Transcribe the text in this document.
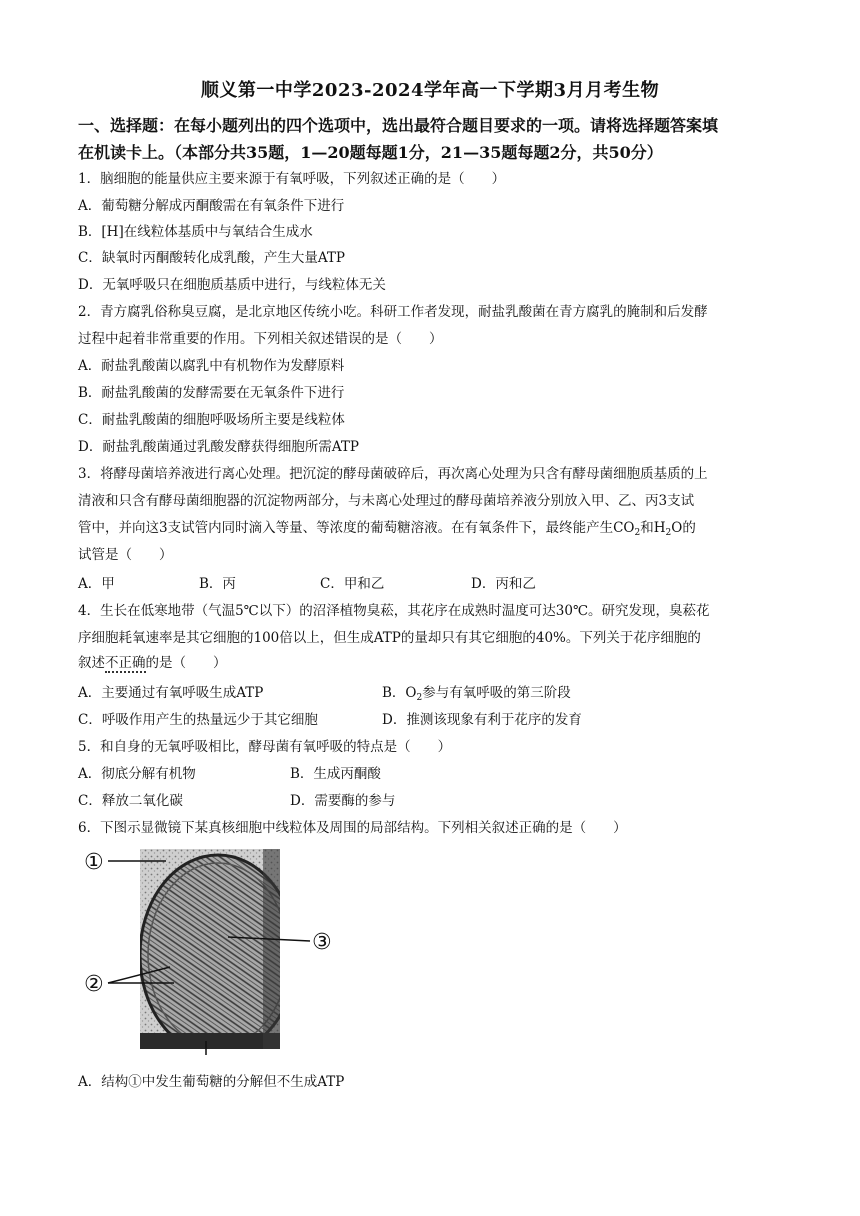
顺义第一中学2023-2024学年高一下学期3月月考生物
一、选择题：在每小题列出的四个选项中，选出最符合题目要求的一项。请将选择题答案填
在机读卡上。（本部分共35题，1—20题每题1分，21—35题每题2分，共50分）
1．脑细胞的能量供应主要来源于有氧呼吸，下列叙述正确的是（　　）
A．葡萄糖分解成丙酮酸需在有氧条件下进行
B．[H]在线粒体基质中与氧结合生成水
C．缺氧时丙酮酸转化成乳酸，产生大量ATP
D．无氧呼吸只在细胞质基质中进行，与线粒体无关
2．青方腐乳俗称臭豆腐，是北京地区传统小吃。科研工作者发现，耐盐乳酸菌在青方腐乳的腌制和后发酵
过程中起着非常重要的作用。下列相关叙述错误的是（　　）
A．耐盐乳酸菌以腐乳中有机物作为发酵原料
B．耐盐乳酸菌的发酵需要在无氧条件下进行
C．耐盐乳酸菌的细胞呼吸场所主要是线粒体
D．耐盐乳酸菌通过乳酸发酵获得细胞所需ATP
3．将酵母菌培养液进行离心处理。把沉淀的酵母菌破碎后，再次离心处理为只含有酵母菌细胞质基质的上
清液和只含有酵母菌细胞器的沉淀物两部分，与未离心处理过的酵母菌培养液分别放入甲、乙、丙3支试
管中，并向这3支试管内同时滴入等量、等浓度的葡萄糖溶液。在有氧条件下，最终能产生$CO_2$和$H_2O$的
试管是（　　）
A．甲	B．丙	C．甲和乙	D．丙和乙
4．生长在低寒地带（气温5℃以下）的沼泽植物臭菘，其花序在成熟时温度可达30℃。研究发现，臭菘花
序细胞耗氧速率是其它细胞的100倍以上，但生成ATP的量却只有其它细胞的40%。下列关于花序细胞的
叙述不正确的是（　　）
A．主要通过有氧呼吸生成ATP	B．$O_2$参与有氧呼吸的第三阶段
C．呼吸作用产生的热量远少于其它细胞	D．推测该现象有利于花序的发育
5．和自身的无氧呼吸相比，酵母菌有氧呼吸的特点是（　　）
A．彻底分解有机物	B．生成丙酮酸
C．释放二氧化碳	D．需要酶的参与
6．下图示显微镜下某真核细胞中线粒体及周围的局部结构。下列相关叙述正确的是（　　）
①
②
③
A．结构①中发生葡萄糖的分解但不生成ATP
